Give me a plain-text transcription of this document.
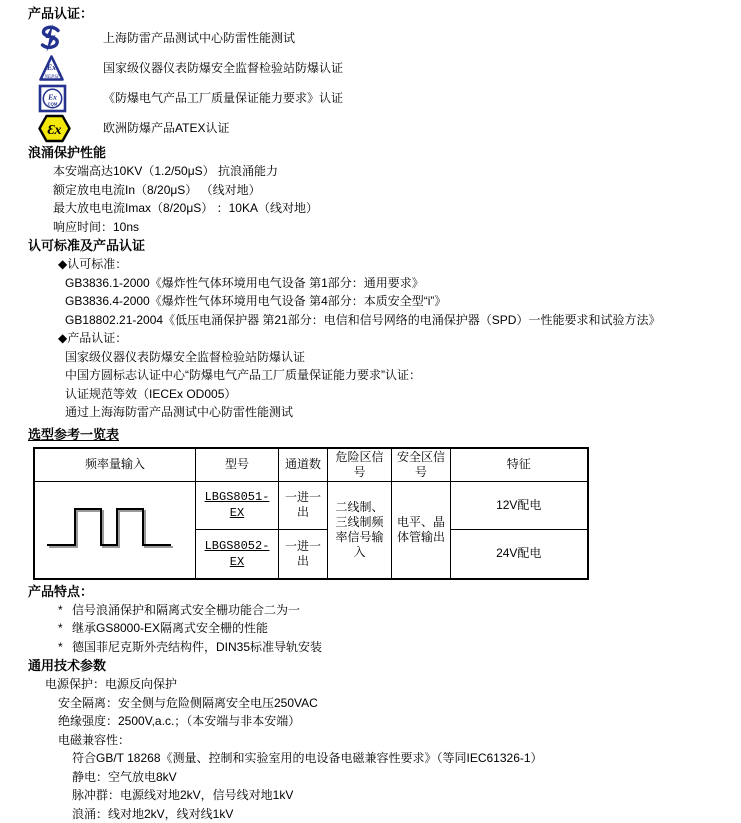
产品认证：
上海防雷产品测试中心防雷性能测试
Ex
NEPSI
国家级仪器仪表防爆安全监督检验站防爆认证
Ex
CQM	《防爆电气产品工厂质量保证能力要求》认证
Ɛx	欧洲防爆产品ATEX认证
浪涌保护性能
本安端高达10KV（1.2/50μS） 抗浪涌能力
额定放电电流In（8/20μS） （线对地）
最大放电电流Imax（8/20μS） ：10KA（线对地）
响应时间：10ns
认可标准及产品认证
◆认可标准：
GB3836.1-2000《爆炸性气体环境用电气设备 第1部分：通用要求》
GB3836.4-2000《爆炸性气体环境用电气设备 第4部分：本质安全型“i”》
GB18802.21-2004《低压电涌保护器 第21部分：电信和信号网络的电涌保护器（SPD）一性能要求和试验方法》
◆产品认证：
国家级仪器仪表防爆安全监督检验站防爆认证
中国方圆标志认证中心“防爆电气产品工厂质量保证能力要求”认证：
认证规范等效（IECEx OD005）
通过上海海防雷产品测试中心防雷性能测试
选型参考一览表
频率量输入	型号	通道数	危险区信号	安全区信号	特征
	LBGS8051-EX	一进一出	二线制、三线制频率信号输入	电平、晶体管输出	12V配电
	LBGS8052-EX	一进一出			24V配电
产品特点：
* 信号浪涌保护和隔离式安全栅功能合二为一
* 继承GS8000-EX隔离式安全栅的性能
* 德国菲尼克斯外壳结构件，DIN35标准导轨安装
通用技术参数
电源保护：电源反向保护
安全隔离：安全侧与危险侧隔离安全电压250VAC
绝缘强度：2500V,a.c.；（本安端与非本安端）
电磁兼容性：
符合GB/T 18268《测量、控制和实验室用的电设备电磁兼容性要求》（等同IEC61326-1）
静电：空气放电8kV
脉冲群：电源线对地2kV，信号线对地1kV
浪涌：线对地2kV，线对线1kV
